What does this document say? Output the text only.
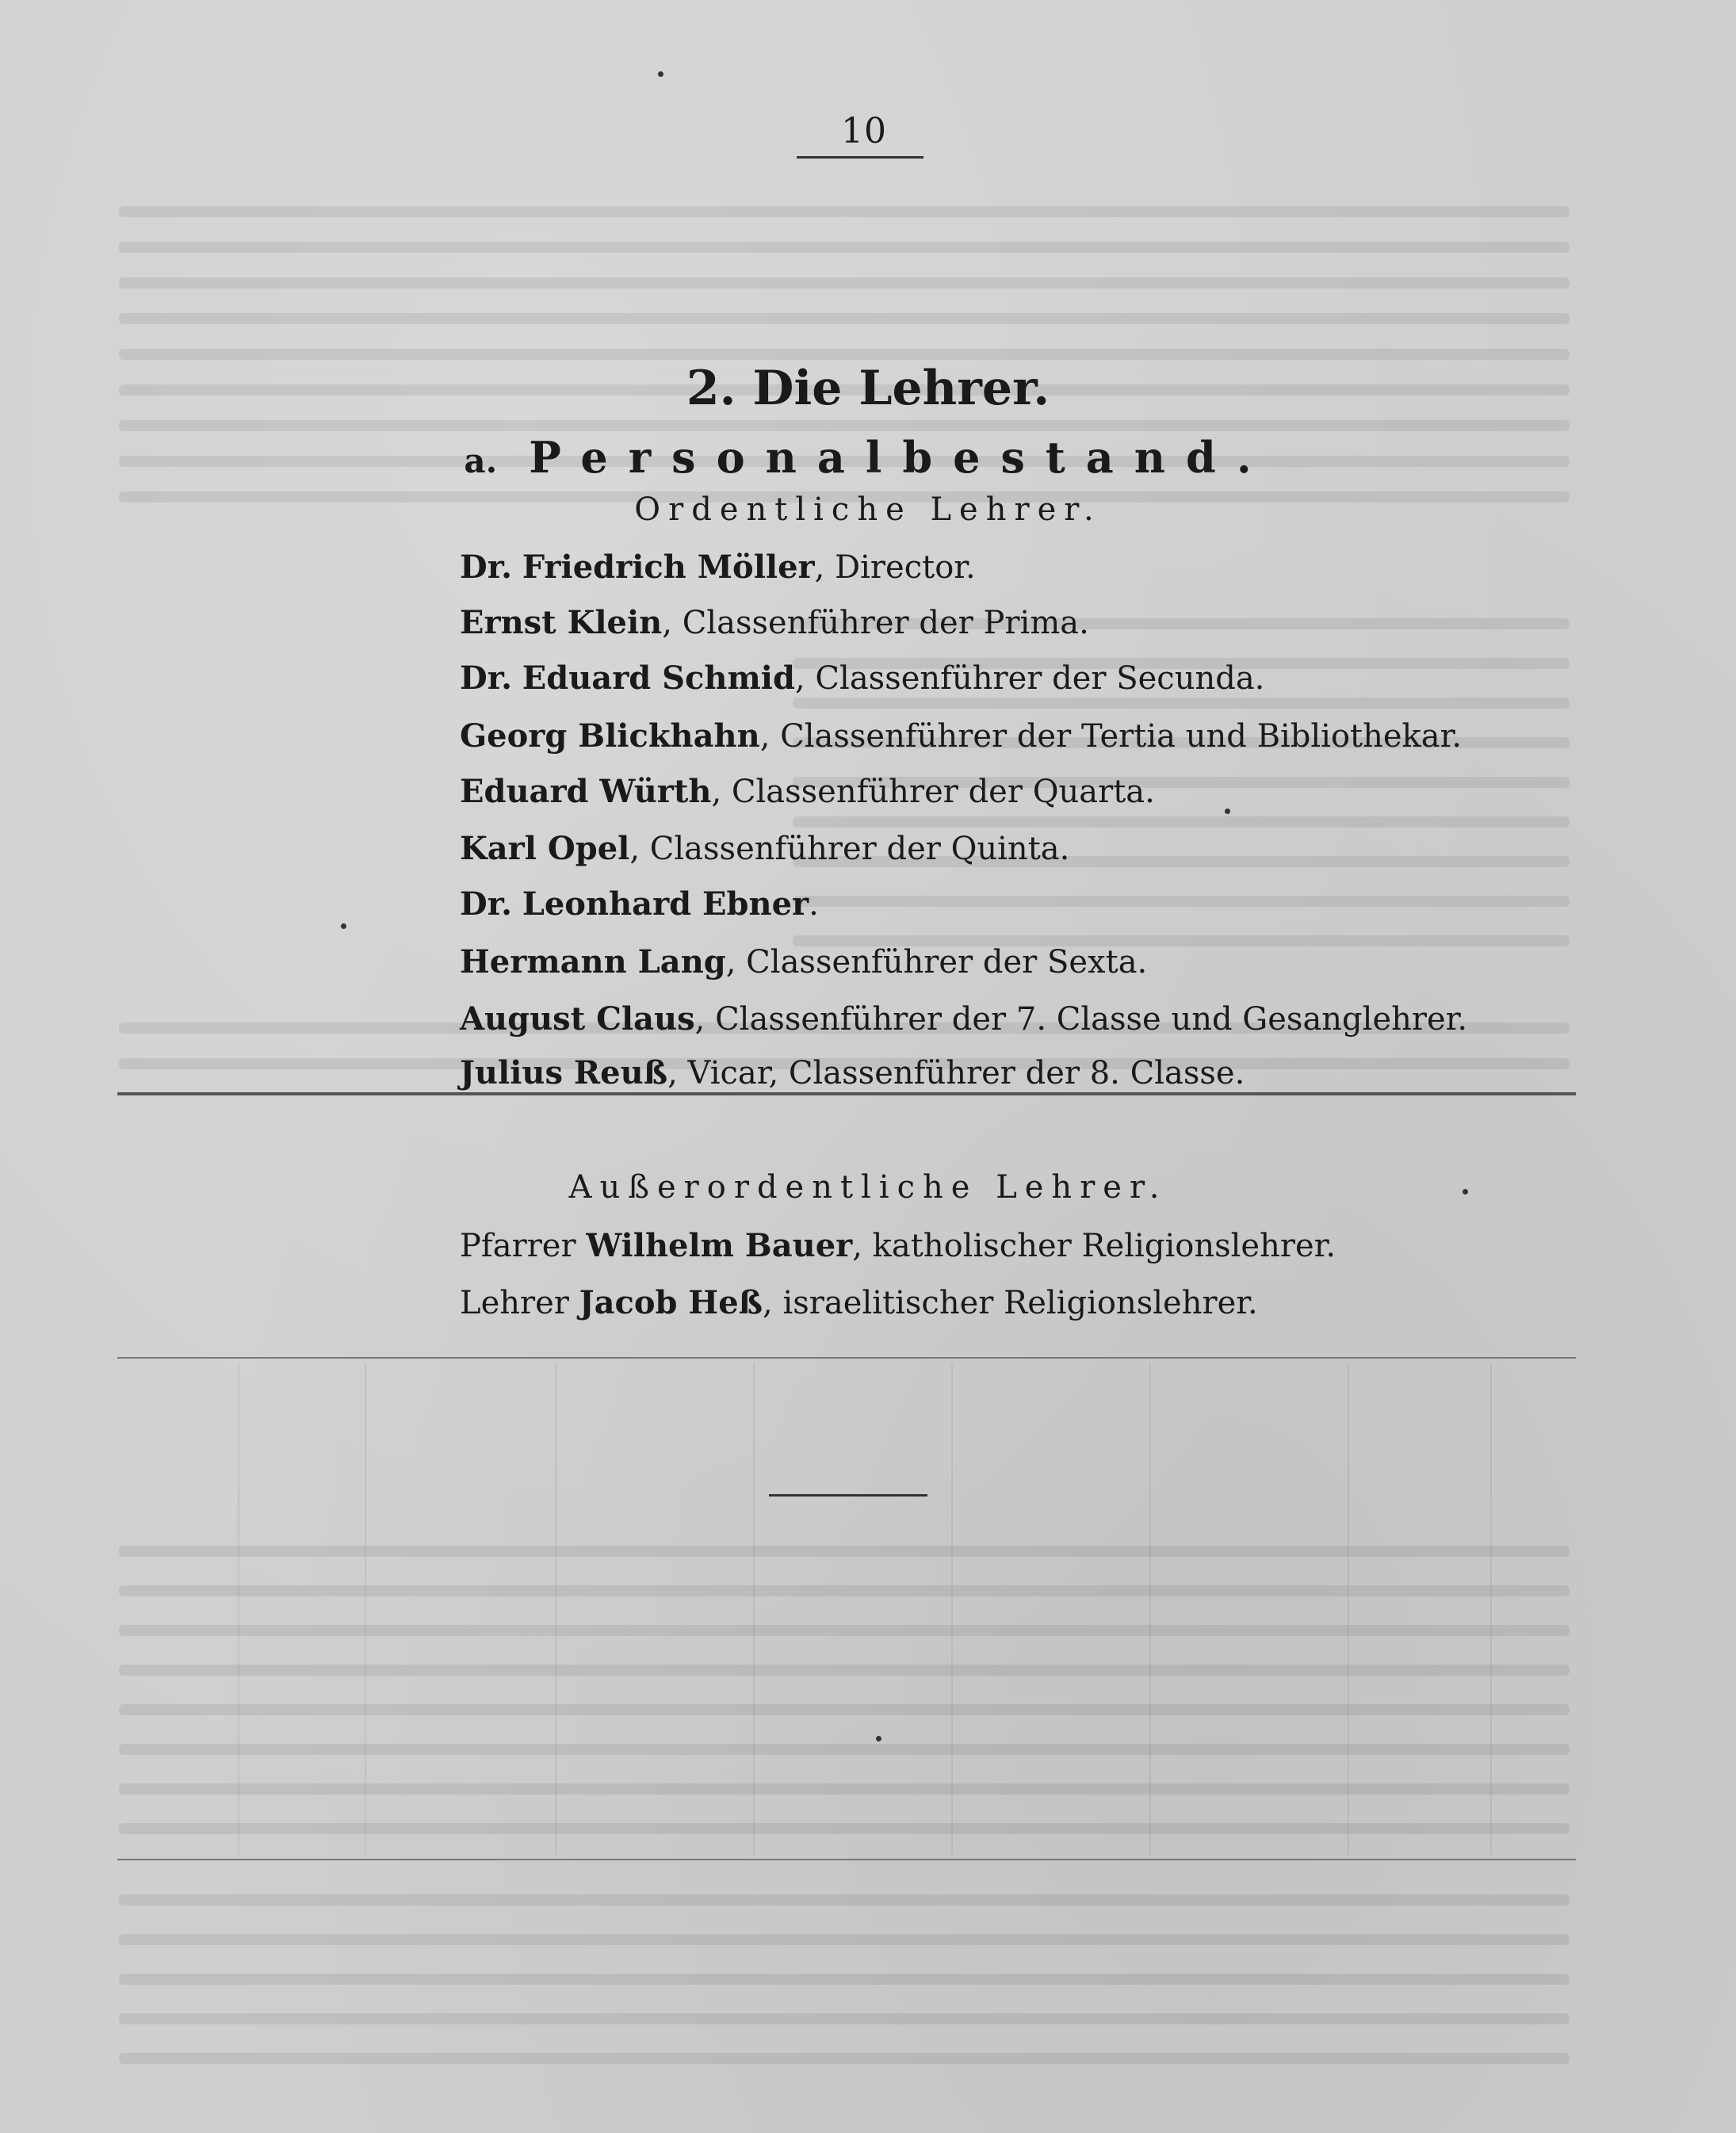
10
2. Die Lehrer.
a. Personalbestand.
Ordentliche Lehrer.
Dr. Friedrich Möller, Director.
Ernst Klein, Classenführer der Prima.
Dr. Eduard Schmid, Classenführer der Secunda.
Georg Blickhahn, Classenführer der Tertia und Bibliothekar.
Eduard Würth, Classenführer der Quarta.
Karl Opel, Classenführer der Quinta.
Dr. Leonhard Ebner.
Hermann Lang, Classenführer der Sexta.
August Claus, Classenführer der 7. Classe und Gesanglehrer.
Julius Reuß, Vicar, Classenführer der 8. Classe.
Außerordentliche Lehrer.
Pfarrer Wilhelm Bauer, katholischer Religionslehrer.
Lehrer Jacob Heß, israelitischer Religionslehrer.
